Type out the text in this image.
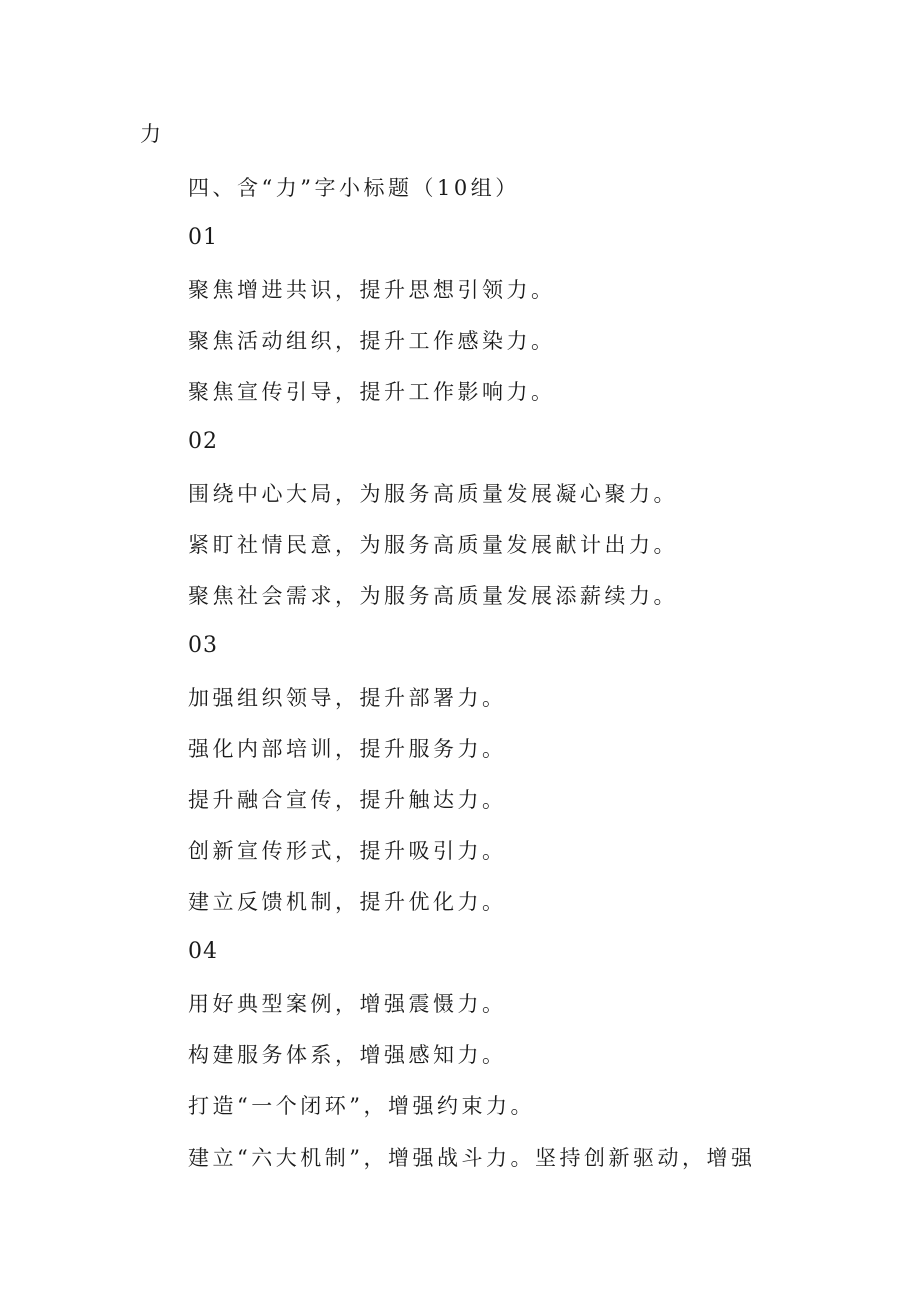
力
四、含“力”字小标题（10组）
01
聚焦增进共识，提升思想引领力。
聚焦活动组织，提升工作感染力。
聚焦宣传引导，提升工作影响力。
02
围绕中心大局，为服务高质量发展凝心聚力。
紧盯社情民意，为服务高质量发展献计出力。
聚焦社会需求，为服务高质量发展添薪续力。
03
加强组织领导，提升部署力。
强化内部培训，提升服务力。
提升融合宣传，提升触达力。
创新宣传形式，提升吸引力。
建立反馈机制，提升优化力。
04
用好典型案例，增强震慑力。
构建服务体系，增强感知力。
打造“一个闭环”，增强约束力。
建立“六大机制”，增强战斗力。坚持创新驱动，增强
